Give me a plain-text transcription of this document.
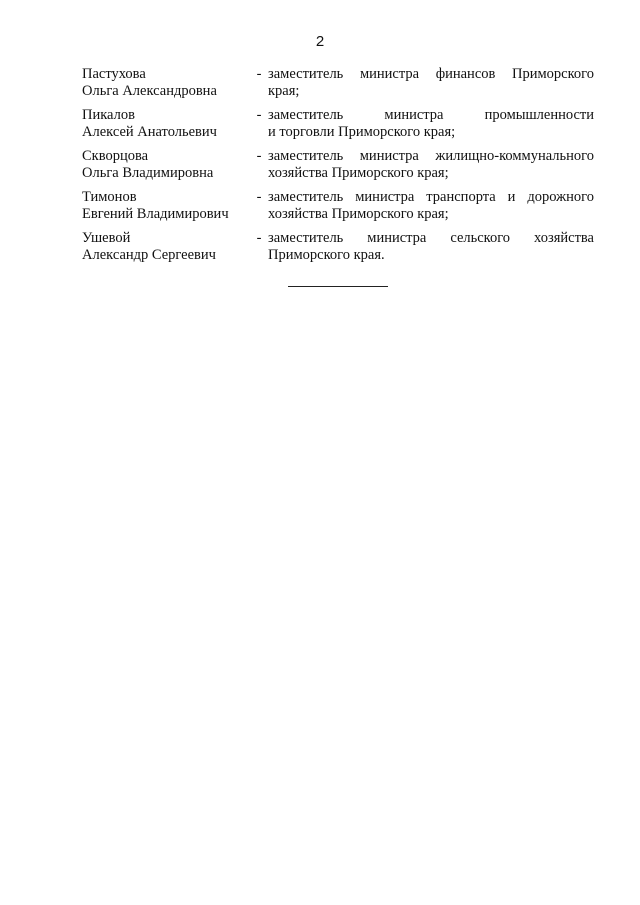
2
Пастухова
Ольга Александровна
- заместитель министра финансов Приморского
края;
Пикалов
Алексей Анатольевич
- заместитель министра промышленности
и торговли Приморского края;
Скворцова
Ольга Владимировна
- заместитель министра жилищно-коммунального
хозяйства Приморского края;
Тимонов
Евгений Владимирович
- заместитель министра транспорта и дорожного
хозяйства Приморского края;
Ушевой
Александр Сергеевич
- заместитель министра сельского хозяйства
Приморского края.
